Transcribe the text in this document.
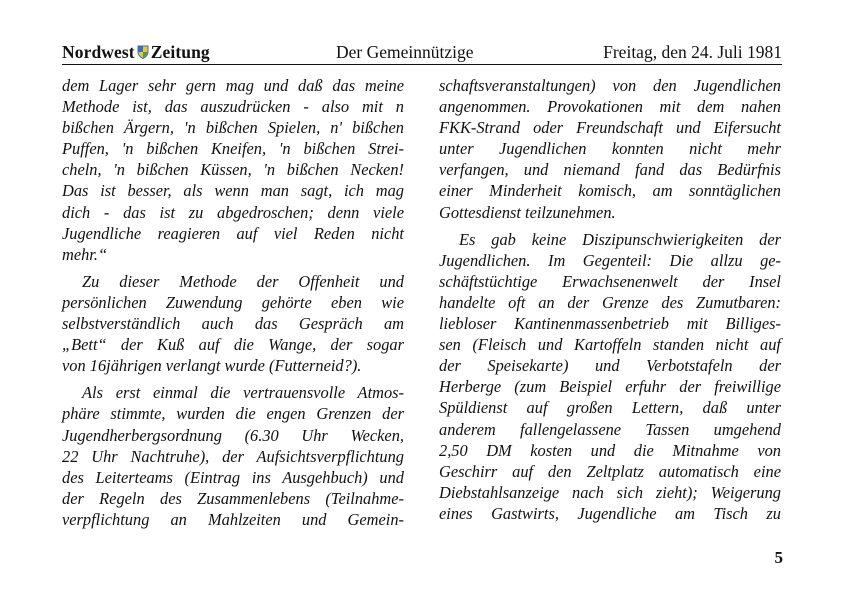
Nordwest Zeitung	Der Gemeinnützige	Freitag, den 24. Juli 1981
dem Lager sehr gern mag und daß das meine
Methode ist, das auszudrücken - also mit n
bißchen Ärgern, 'n bißchen Spielen, n' bißchen
Puffen, 'n bißchen Kneifen, 'n bißchen Strei-
cheln, 'n bißchen Küssen, 'n bißchen Necken!
Das ist besser, als wenn man sagt, ich mag
dich - das ist zu abgedroschen; denn viele
Jugendliche reagieren auf viel Reden nicht
mehr.“
Zu dieser Methode der Offenheit und
persönlichen Zuwendung gehörte eben wie
selbstverständlich auch das Gespräch am
„Bett“ der Kuß auf die Wange, der sogar
von 16jährigen verlangt wurde (Futterneid?).
Als erst einmal die vertrauensvolle Atmos-
phäre stimmte, wurden die engen Grenzen der
Jugendherbergsordnung (6.30 Uhr Wecken,
22 Uhr Nachtruhe), der Aufsichtsverpflichtung
des Leiterteams (Eintrag ins Ausgehbuch) und
der Regeln des Zusammenlebens (Teilnahme-
verpflichtung an Mahlzeiten und Gemein-
schaftsveranstaltungen) von den Jugendlichen
angenommen. Provokationen mit dem nahen
FKK-Strand oder Freundschaft und Eifersucht
unter Jugendlichen konnten nicht mehr
verfangen, und niemand fand das Bedürfnis
einer Minderheit komisch, am sonntäglichen
Gottesdienst teilzunehmen.
Es gab keine Diszipunschwierigkeiten der
Jugendlichen. Im Gegenteil: Die allzu ge-
schäftstüchtige Erwachsenenwelt der Insel
handelte oft an der Grenze des Zumutbaren:
liebloser Kantinenmassenbetrieb mit Billiges-
sen (Fleisch und Kartoffeln standen nicht auf
der Speisekarte) und Verbotstafeln der
Herberge (zum Beispiel erfuhr der freiwillige
Spüldienst auf großen Lettern, daß unter
anderem fallengelassene Tassen umgehend
2,50 DM kosten und die Mitnahme von
Geschirr auf den Zeltplatz automatisch eine
Diebstahlsanzeige nach sich zieht); Weigerung
eines Gastwirts, Jugendliche am Tisch zu
5
